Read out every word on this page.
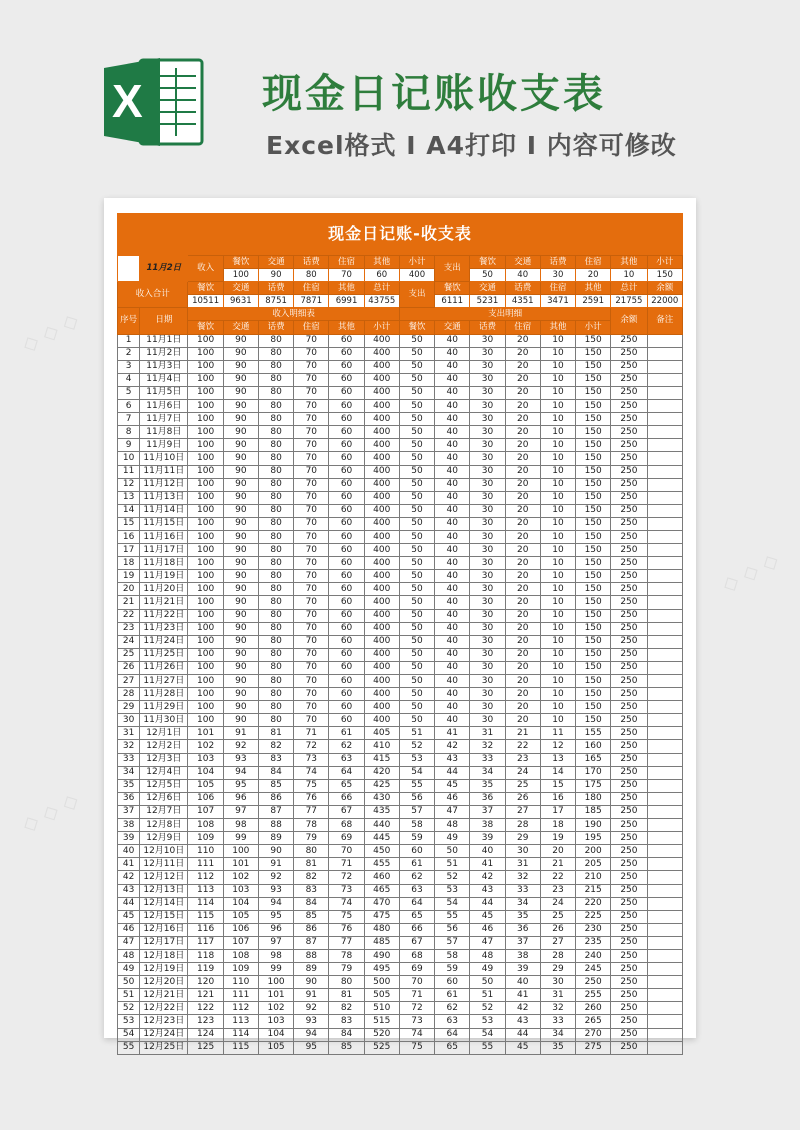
X	现金日记账收支表
Excel格式 Ⅰ A4打印 Ⅰ 内容可修改
现金日记账-收支表
	11月2日	收入	餐饮	交通	话费	住宿	其他	小计	支出	餐饮	交通	话费	住宿	其他	小计
			100	90	80	70	60	400		50	40	30	20	10	150
收入合计		餐饮	交通	话费	住宿	其他	总计	支出	餐饮	交通	话费	住宿	其他	总计	余额
		10511	9631	8751	7871	6991	43755		6111	5231	4351	3471	2591	21755	22000
序号	日期	收入明细表						支出明细						余额	备注
		餐饮	交通	话费	住宿	其他	小计	餐饮	交通	话费	住宿	其他	小计		
1	11月1日	100	90	80	70	60	400	50	40	30	20	10	150	250	
2	11月2日	100	90	80	70	60	400	50	40	30	20	10	150	250	
3	11月3日	100	90	80	70	60	400	50	40	30	20	10	150	250	
4	11月4日	100	90	80	70	60	400	50	40	30	20	10	150	250	
5	11月5日	100	90	80	70	60	400	50	40	30	20	10	150	250	
6	11月6日	100	90	80	70	60	400	50	40	30	20	10	150	250	
7	11月7日	100	90	80	70	60	400	50	40	30	20	10	150	250	
8	11月8日	100	90	80	70	60	400	50	40	30	20	10	150	250	
9	11月9日	100	90	80	70	60	400	50	40	30	20	10	150	250	
10	11月10日	100	90	80	70	60	400	50	40	30	20	10	150	250	
11	11月11日	100	90	80	70	60	400	50	40	30	20	10	150	250	
12	11月12日	100	90	80	70	60	400	50	40	30	20	10	150	250	
13	11月13日	100	90	80	70	60	400	50	40	30	20	10	150	250	
14	11月14日	100	90	80	70	60	400	50	40	30	20	10	150	250	
15	11月15日	100	90	80	70	60	400	50	40	30	20	10	150	250	
16	11月16日	100	90	80	70	60	400	50	40	30	20	10	150	250	
17	11月17日	100	90	80	70	60	400	50	40	30	20	10	150	250	
18	11月18日	100	90	80	70	60	400	50	40	30	20	10	150	250	
19	11月19日	100	90	80	70	60	400	50	40	30	20	10	150	250	
20	11月20日	100	90	80	70	60	400	50	40	30	20	10	150	250	
21	11月21日	100	90	80	70	60	400	50	40	30	20	10	150	250	
22	11月22日	100	90	80	70	60	400	50	40	30	20	10	150	250	
23	11月23日	100	90	80	70	60	400	50	40	30	20	10	150	250	
24	11月24日	100	90	80	70	60	400	50	40	30	20	10	150	250	
25	11月25日	100	90	80	70	60	400	50	40	30	20	10	150	250	
26	11月26日	100	90	80	70	60	400	50	40	30	20	10	150	250	
27	11月27日	100	90	80	70	60	400	50	40	30	20	10	150	250	
28	11月28日	100	90	80	70	60	400	50	40	30	20	10	150	250	
29	11月29日	100	90	80	70	60	400	50	40	30	20	10	150	250	
30	11月30日	100	90	80	70	60	400	50	40	30	20	10	150	250	
31	12月1日	101	91	81	71	61	405	51	41	31	21	11	155	250	
32	12月2日	102	92	82	72	62	410	52	42	32	22	12	160	250	
33	12月3日	103	93	83	73	63	415	53	43	33	23	13	165	250	
34	12月4日	104	94	84	74	64	420	54	44	34	24	14	170	250	
35	12月5日	105	95	85	75	65	425	55	45	35	25	15	175	250	
36	12月6日	106	96	86	76	66	430	56	46	36	26	16	180	250	
37	12月7日	107	97	87	77	67	435	57	47	37	27	17	185	250	
38	12月8日	108	98	88	78	68	440	58	48	38	28	18	190	250	
39	12月9日	109	99	89	79	69	445	59	49	39	29	19	195	250	
40	12月10日	110	100	90	80	70	450	60	50	40	30	20	200	250	
41	12月11日	111	101	91	81	71	455	61	51	41	31	21	205	250	
42	12月12日	112	102	92	82	72	460	62	52	42	32	22	210	250	
43	12月13日	113	103	93	83	73	465	63	53	43	33	23	215	250	
44	12月14日	114	104	94	84	74	470	64	54	44	34	24	220	250	
45	12月15日	115	105	95	85	75	475	65	55	45	35	25	225	250	
46	12月16日	116	106	96	86	76	480	66	56	46	36	26	230	250	
47	12月17日	117	107	97	87	77	485	67	57	47	37	27	235	250	
48	12月18日	118	108	98	88	78	490	68	58	48	38	28	240	250	
49	12月19日	119	109	99	89	79	495	69	59	49	39	29	245	250	
50	12月20日	120	110	100	90	80	500	70	60	50	40	30	250	250	
51	12月21日	121	111	101	91	81	505	71	61	51	41	31	255	250	
52	12月22日	122	112	102	92	82	510	72	62	52	42	32	260	250	
53	12月23日	123	113	103	93	83	515	73	63	53	43	33	265	250	
54	12月24日	124	114	104	94	84	520	74	64	54	44	34	270	250	
55	12月25日	125	115	105	95	85	525	75	65	55	45	35	275	250	
◇ ◇ ◇
◇ ◇ ◇
◇ ◇ ◇
